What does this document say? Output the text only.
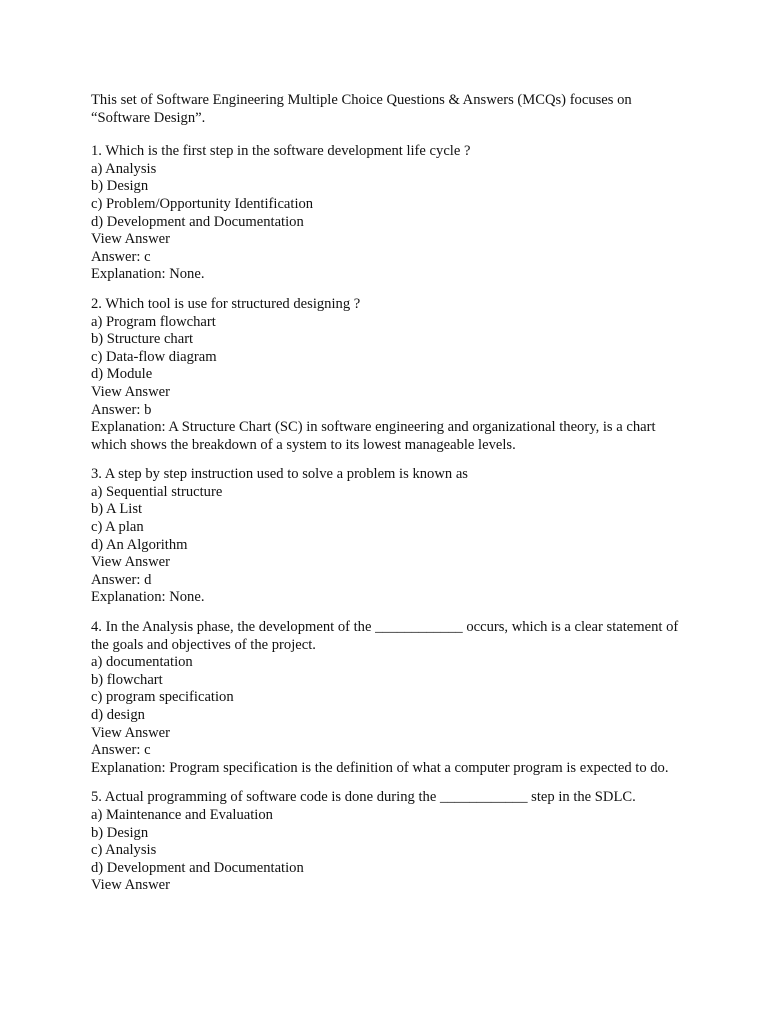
This set of Software Engineering Multiple Choice Questions & Answers (MCQs) focuses on “Software Design”.

1. Which is the first step in the software development life cycle ?
a) Analysis
b) Design
c) Problem/Opportunity Identification
d) Development and Documentation
View Answer
Answer: c
Explanation: None.
2. Which tool is use for structured designing ?
a) Program flowchart
b) Structure chart
c) Data-flow diagram
d) Module
View Answer
Answer: b
Explanation: A Structure Chart (SC) in software engineering and organizational theory, is a chart which shows the breakdown of a system to its lowest manageable levels.
3. A step by step instruction used to solve a problem is known as
a) Sequential structure
b) A List
c) A plan
d) An Algorithm
View Answer
Answer: d
Explanation: None.
4. In the Analysis phase, the development of the ____________ occurs, which is a clear statement of the goals and objectives of the project.
a) documentation
b) flowchart
c) program specification
d) design
View Answer
Answer: c
Explanation: Program specification is the definition of what a computer program is expected to do.
5. Actual programming of software code is done during the ____________ step in the SDLC.
a) Maintenance and Evaluation
b) Design
c) Analysis
d) Development and Documentation
View Answer
